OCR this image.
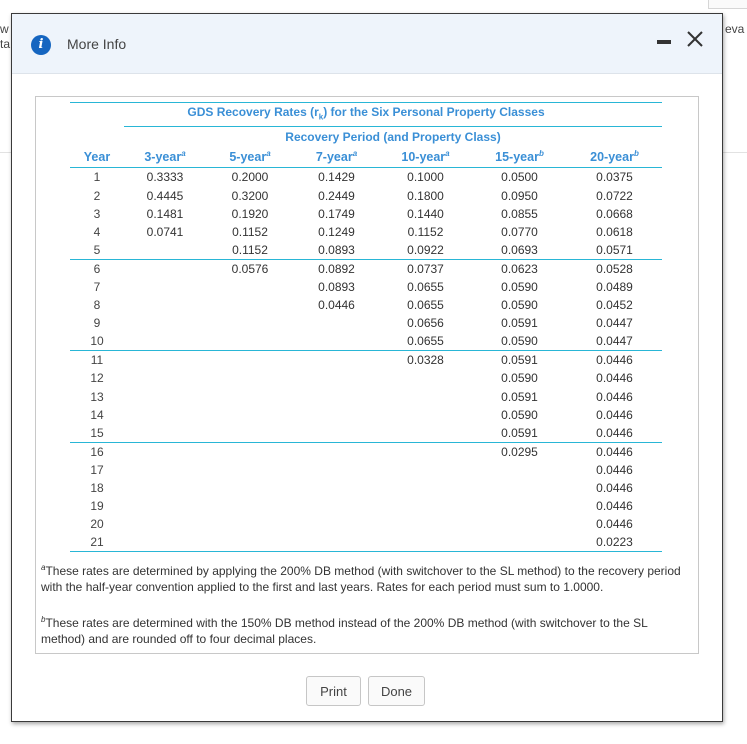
w
ta
eva
i	More Info
GDS Recovery Rates $(r_k)$ for the Six Personal Property Classes						
	Recovery Period (and Property Class)					
Year	3-year$^a$	5-year$^a$	7-year$^a$	10-year$^a$	15-year$^b$	20-year$^b$
1	0.3333	0.2000	0.1429	0.1000	0.0500	0.0375
2	0.4445	0.3200	0.2449	0.1800	0.0950	0.0722
3	0.1481	0.1920	0.1749	0.1440	0.0855	0.0668
4	0.0741	0.1152	0.1249	0.1152	0.0770	0.0618
5		0.1152	0.0893	0.0922	0.0693	0.0571
6		0.0576	0.0892	0.0737	0.0623	0.0528
7			0.0893	0.0655	0.0590	0.0489
8			0.0446	0.0655	0.0590	0.0452
9				0.0656	0.0591	0.0447
10				0.0655	0.0590	0.0447
11				0.0328	0.0591	0.0446
12					0.0590	0.0446
13					0.0591	0.0446
14					0.0590	0.0446
15					0.0591	0.0446
16					0.0295	0.0446
17						0.0446
18						0.0446
19						0.0446
20						0.0446
21						0.0223
$^a$These rates are determined by applying the 200% DB method (with switchover to the SL method) to the recovery period with the half-year convention applied to the first and last years. Rates for each period must sum to 1.0000.
$^b$These rates are determined with the 150% DB method instead of the 200% DB method (with switchover to the SL method) and are rounded off to four decimal places.
Print	Done
